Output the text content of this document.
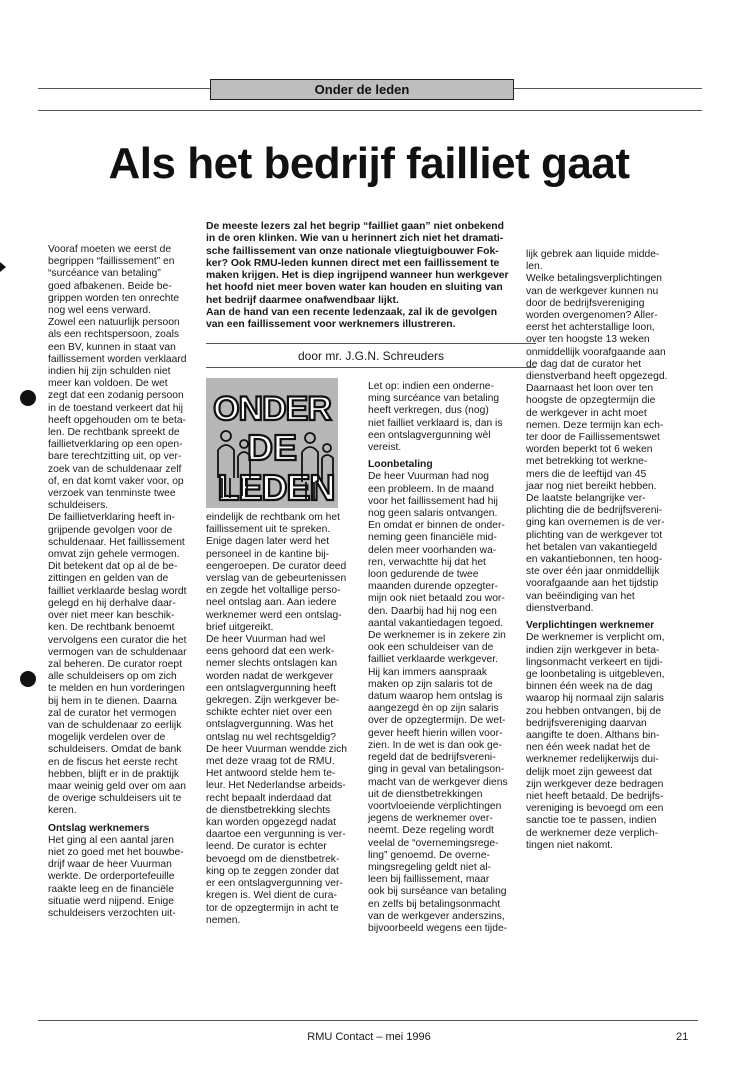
Onder de leden
Als het bedrijf failliet gaat

Vooraf moeten we eerst de
begrippen “faillissement” en
“surcéance van betaling”
goed afbakenen. Beide be-
grippen worden ten onrechte
nog wel eens verward.
Zowel een natuurlijk persoon
als een rechtspersoon, zoals
een BV, kunnen in staat van
faillissement worden verklaard
indien hij zijn schulden niet
meer kan voldoen. De wet
zegt dat een zodanig persoon
in de toestand verkeert dat hij
heeft opgehouden om te beta-
len. De rechtbank spreekt de
faillietverklaring op een open-
bare terechtzitting uit, op ver-
zoek van de schuldenaar zelf
of, en dat komt vaker voor, op
verzoek van tenminste twee
schuldeisers.

De faillietverklaring heeft in-
grijpende gevolgen voor de
schuldenaar. Het faillissement
omvat zijn gehele vermogen.
Dit betekent dat op al de be-
zittingen en gelden van de
failliet verklaarde beslag wordt
gelegd en hij derhalve daar-
over niet meer kan beschik-
ken. De rechtbank benoemt
vervolgens een curator die het
vermogen van de schuldenaar
zal beheren. De curator roept
alle schuldeisers op om zich
te melden en hun vorderingen
bij hem in te dienen. Daarna
zal de curator het vermogen
van de schuldenaar zo eerlijk
mogelijk verdelen over de
schuldeisers. Omdat de bank
en de fiscus het eerste recht
hebben, blijft er in de praktijk
maar weinig geld over om aan
de overige schuldeisers uit te
keren.

Ontslag werknemers

Het ging al een aantal jaren
niet zo goed met het bouwbe-
drijf waar de heer Vuurman
werkte. De orderportefeuille
raakte leeg en de financiële
situatie werd nijpend. Enige
schuldeisers verzochten uit-

De meeste lezers zal het begrip “failliet gaan” niet onbekend
in de oren klinken. Wie van u herinnert zich niet het dramati-
sche faillissement van onze nationale vliegtuigbouwer Fok-
ker? Ook RMU-leden kunnen direct met een faillissement te
maken krijgen. Het is diep ingrijpend wanneer hun werkgever
het hoofd niet meer boven water kan houden en sluiting van
het bedrijf daarmee onafwendbaar lijkt.
Aan de hand van een recente ledenzaak, zal ik de gevolgen
van een faillissement voor werknemers illustreren.
door mr. J.G.N. Schreuders
ONDER
DE
LEDEN

eindelijk de rechtbank om het
faillissement uit te spreken.
Enige dagen later werd het
personeel in de kantine bij-
eengeroepen. De curator deed
verslag van de gebeurtenissen
en zegde het voltallige perso-
neel ontslag aan. Aan iedere
werknemer werd een ontslag-
brief uitgereikt.

De heer Vuurman had wel
eens gehoord dat een werk-
nemer slechts ontslagen kan
worden nadat de werkgever
een ontslagvergunning heeft
gekregen. Zijn werkgever be-
schikte echter niet over een
ontslagvergunning. Was het
ontslag nu wel rechtsgeldig?
De heer Vuurman wendde zich
met deze vraag tot de RMU.
Het antwoord stelde hem te-
leur. Het Nederlandse arbeids-
recht bepaalt inderdaad dat
de dienstbetrekking slechts
kan worden opgezegd nadat
daartoe een vergunning is ver-
leend. De curator is echter
bevoegd om de dienstbetrek-
king op te zeggen zonder dat
er een ontslagvergunning ver-
kregen is. Wel dient de cura-
tor de opzegtermijn in acht te
nemen.

Let op: indien een onderne-
ming surcéance van betaling
heeft verkregen, dus (nog)
niet failliet verklaard is, dan is
een ontslagvergunning wèl
vereist.

Loonbetaling

De heer Vuurman had nog
een probleem. In de maand
voor het faillissement had hij
nog geen salaris ontvangen.
En omdat er binnen de onder-
neming geen financiële mid-
delen meer voorhanden wa-
ren, verwachtte hij dat het
loon gedurende de twee
maanden durende opzegter-
mijn ook niet betaald zou wor-
den. Daarbij had hij nog een
aantal vakantiedagen tegoed.
De werknemer is in zekere zin
ook een schuldeiser van de
failliet verklaarde werkgever.
Hij kan immers aanspraak
maken op zijn salaris tot de
datum waarop hem ontslag is
aangezegd èn op zijn salaris
over de opzegtermijn. De wet-
gever heeft hierin willen voor-
zien. In de wet is dan ook ge-
regeld dat de bedrijfsvereni-
ging in geval van betalingson-
macht van de werkgever diens
uit de dienstbetrekkingen
voortvloeiende verplichtingen
jegens de werknemer over-
neemt. Deze regeling wordt
veelal de “overnemingsrege-
ling” genoemd. De overne-
mingsregeling geldt niet al-
leen bij faillissement, maar
ook bij surséance van betaling
en zelfs bij betalingsonmacht
van de werkgever anderszins,
bijvoorbeeld wegens een tijde-

lijk gebrek aan liquide midde-
len.

Welke betalingsverplichtingen
van de werkgever kunnen nu
door de bedrijfsvereniging
worden overgenomen? Aller-
eerst het achterstallige loon,
over ten hoogste 13 weken
onmiddellijk voorafgaande aan
de dag dat de curator het
dienstverband heeft opgezegd.
Daarnaast het loon over ten
hoogste de opzegtermijn die
de werkgever in acht moet
nemen. Deze termijn kan ech-
ter door de Faillissementswet
worden beperkt tot 6 weken
met betrekking tot werkne-
mers die de leeftijd van 45
jaar nog niet bereikt hebben.
De laatste belangrijke ver-
plichting die de bedrijfsvereni-
ging kan overnemen is de ver-
plichting van de werkgever tot
het betalen van vakantiegeld
en vakantiebonnen, ten hoog-
ste over één jaar onmiddellijk
voorafgaande aan het tijdstip
van beëindiging van het
dienstverband.

Verplichtingen werknemer

De werknemer is verplicht om,
indien zijn werkgever in beta-
lingsonmacht verkeert en tijdi-
ge loonbetaling is uitgebleven,
binnen één week na de dag
waarop hij normaal zijn salaris
zou hebben ontvangen, bij de
bedrijfsvereniging daarvan
aangifte te doen. Althans bin-
nen één week nadat het de
werknemer redelijkerwijs dui-
delijk moet zijn geweest dat
zijn werkgever deze bedragen
niet heeft betaald. De bedrijfs-
vereniging is bevoegd om een
sanctie toe te passen, indien
de werknemer deze verplich-
tingen niet nakomt.

RMU Contact – mei 1996	21
